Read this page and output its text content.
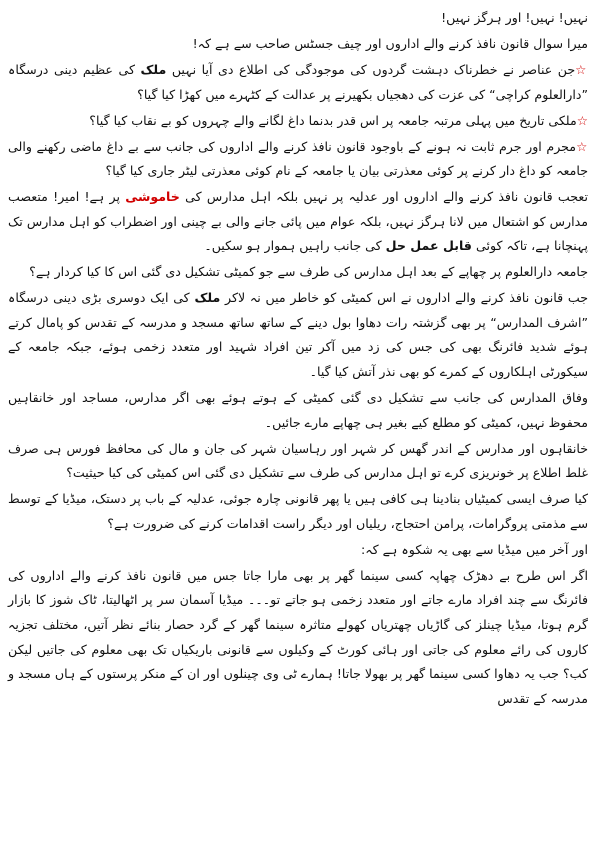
نہیں! نہیں! اور ہرگز نہیں!

میرا سوال قانون نافذ کرنے والے اداروں اور چیف جسٹس صاحب سے ہے کہ!

☆جن عناصر نے خطرناک دہشت گردوں کی موجودگی کی اطلاع دی آیا نہیں ملک کی عظیم دینی درسگاہ ”دارالعلوم کراچی“ کی عزت کی دھجیاں بکھیرنے پر عدالت کے کٹہرے میں کھڑا کیا گیا؟

☆ملکی تاریخ میں پہلی مرتبہ جامعہ پر اس قدر بدنما داغ لگانے والے چہروں کو بے نقاب کیا گیا؟

☆مجرم اور جرم ثابت نہ ہونے کے باوجود قانون نافذ کرنے والے اداروں کی جانب سے بے داغ ماضی رکھنے والی جامعہ کو داغ دار کرنے پر کوئی معذرتی بیان یا جامعہ کے نام کوئی معذرتی لیٹر جاری کیا گیا؟

تعجب قانون نافذ کرنے والے اداروں اور عدلیہ پر نہیں بلکہ اہل مدارس کی خاموشی پر ہے! امیر! متعصب مدارس کو اشتعال میں لانا ہرگز نہیں، بلکہ عوام میں پائی جانے والی بے چینی اور اضطراب کو اہل مدارس تک پہنچانا ہے، تاکہ کوئی قابل عمل حل کی جانب راہیں ہموار ہو سکیں۔

جامعہ دارالعلوم پر چھاپے کے بعد اہل مدارس کی طرف سے جو کمیٹی تشکیل دی گئی اس کا کیا کردار ہے؟

جب قانون نافذ کرنے والے اداروں نے اس کمیٹی کو خاطر میں نہ لاکر ملک کی ایک دوسری بڑی دینی درسگاہ ”اشرف المدارس“ پر بھی گزشتہ رات دھاوا بول دینے کے ساتھ ساتھ مسجد و مدرسہ کے تقدس کو پامال کرتے ہوئے شدید فائرنگ بھی کی جس کی زد میں آکر تین افراد شہید اور متعدد زخمی ہوئے، جبکہ جامعہ کے سیکورٹی اہلکاروں کے کمرے کو بھی نذر آتش کیا گیا۔

وفاق المدارس کی جانب سے تشکیل دی گئی کمیٹی کے ہوتے ہوئے بھی اگر مدارس، مساجد اور خانقاہیں محفوظ نہیں، کمیٹی کو مطلع کیے بغیر ہی چھاپے مارے جائیں۔

خانقاہوں اور مدارس کے اندر گھس کر شہر اور رہاسیان شہر کی جان و مال کی محافظ فورس ہی صرف غلط اطلاع پر خونریزی کرے تو اہل مدارس کی طرف سے تشکیل دی گئی اس کمیٹی کی کیا حیثیت؟

کیا صرف ایسی کمیٹیاں بنادینا ہی کافی ہیں یا پھر قانونی چارہ جوئی، عدلیہ کے باب پر دستک، میڈیا کے توسط سے مذمتی پروگرامات، پرامن احتجاج، ریلیاں اور دیگر راست اقدامات کرنے کی ضرورت ہے؟

اور آخر میں میڈیا سے بھی یہ شکوہ ہے کہ:

اگر اس طرح بے دھڑک چھاپہ کسی سینما گھر پر بھی مارا جاتا جس میں قانون نافذ کرنے والے اداروں کی فائرنگ سے چند افراد مارے جاتے اور متعدد زخمی ہو جاتے تو۔۔۔ میڈیا آسمان سر پر اٹھالیتا، ٹاک شوز کا بازار گرم ہوتا، میڈیا چینلز کی گاڑیاں چھتریاں کھولے متاثرہ سینما گھر کے گرد حصار بنائے نظر آتیں، مختلف تجزیہ کاروں کی رائے معلوم کی جاتی اور ہائی کورٹ کے وکیلوں سے قانونی باریکیاں تک بھی معلوم کی جاتیں لیکن کب؟ جب یہ دھاوا کسی سینما گھر پر بھولا جاتا! ہمارے ٹی وی چینلوں اور ان کے منکر پرستوں کے ہاں مسجد و مدرسہ کے تقدس
